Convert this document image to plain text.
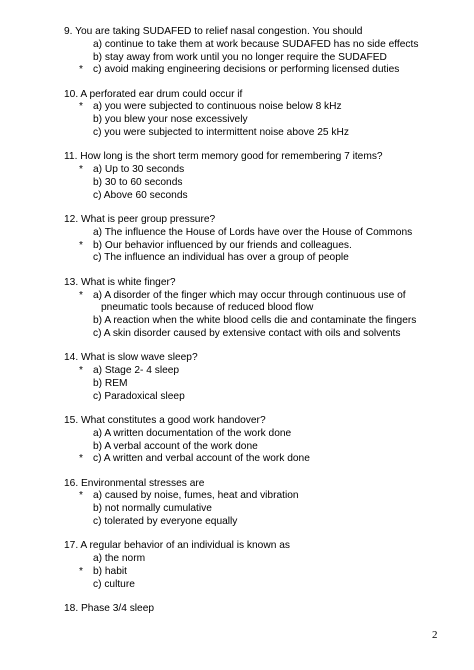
9. You are taking SUDAFED to relief nasal congestion. You should
a) continue to take them at work because SUDAFED has no side effects
b) stay away from work until you no longer require the SUDAFED
* c) avoid making engineering decisions or performing licensed duties
10. A perforated ear drum could occur if
* a) you were subjected to continuous noise below 8 kHz
b) you blew your nose excessively
c) you were subjected to intermittent noise above 25 kHz
11. How long is the short term memory good for remembering 7 items?
* a) Up to 30 seconds
b) 30 to 60 seconds
c) Above 60 seconds
12. What is peer group pressure?
a) The influence the House of Lords have over the House of Commons
* b) Our behavior influenced by our friends and colleagues.
c) The influence an individual has over a group of people
13. What is white finger?
* a) A disorder of the finger which may occur through continuous use of pneumatic tools because of reduced blood flow
b) A reaction when the white blood cells die and contaminate the fingers
c) A skin disorder caused by extensive contact with oils and solvents
14. What is slow wave sleep?
* a) Stage 2- 4 sleep
b) REM
c) Paradoxical sleep
15. What constitutes a good work handover?
a) A written documentation of the work done
b) A verbal account of the work done
* c) A written and verbal account of the work done
16. Environmental stresses are
* a) caused by noise, fumes, heat and vibration
b) not normally cumulative
c) tolerated by everyone equally
17. A regular behavior of an individual is known as
a) the norm
* b) habit
c) culture
18. Phase 3/4 sleep
2
